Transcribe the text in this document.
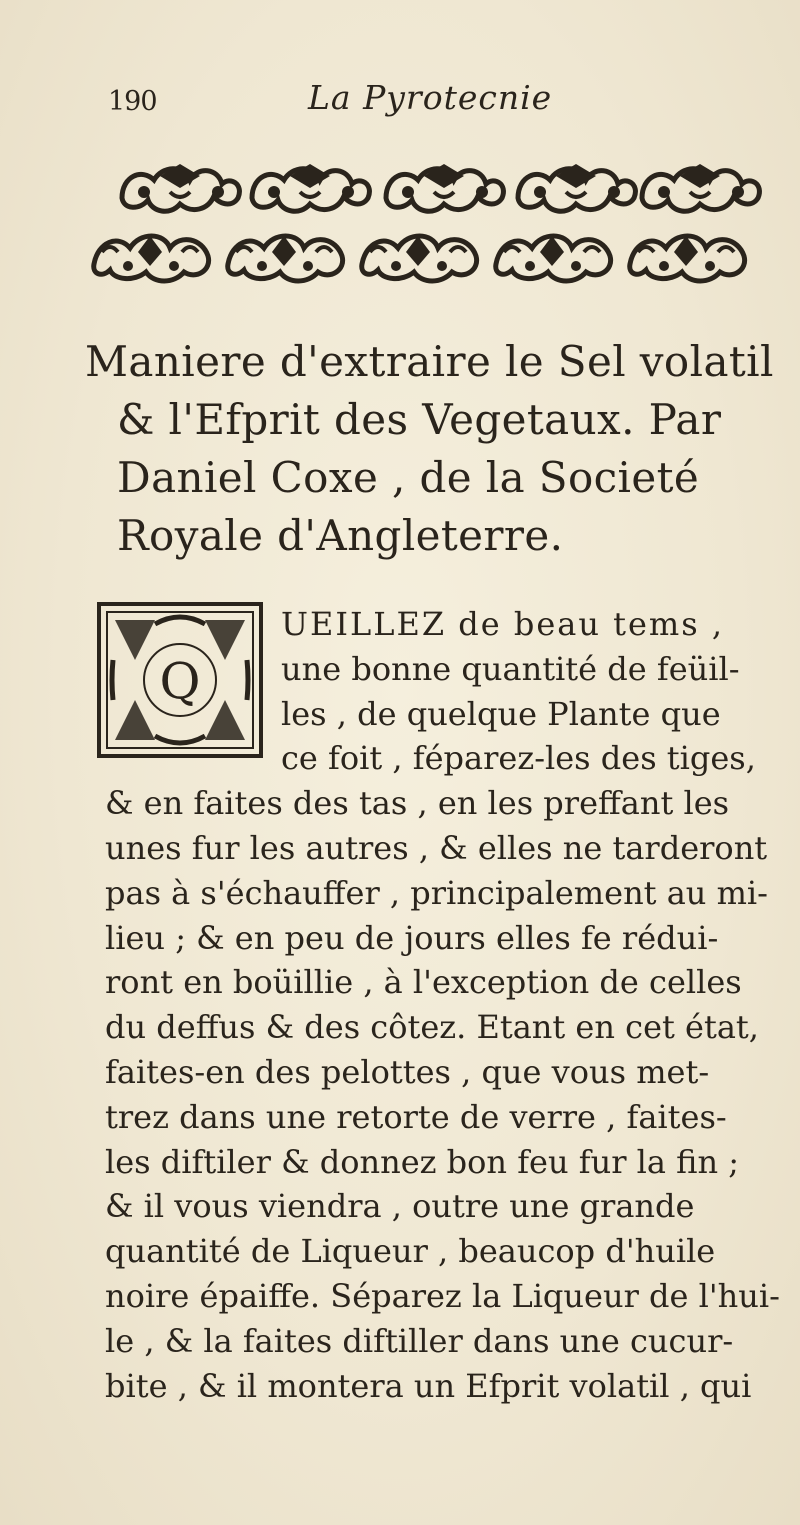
190	La Pyrotecnie
Maniere d'extraire le Sel volatil
& l'Efprit des Vegetaux. Par
Daniel Coxe , de la Societé
Royale d'Angleterre.
Q
UEILLEZ de beau tems ,
une bonne quantité de feüil-
les , de quelque Plante que
ce foit , féparez-les des tiges,
& en faites des tas , en les preffant les
unes fur les autres , & elles ne tarderont
pas à s'échauffer , principalement au mi-
lieu ; & en peu de jours elles fe rédui-
ront en boüillie , à l'exception de celles
du deffus & des côtez. Etant en cet état,
faites-en des pelottes , que vous met-
trez dans une retorte de verre , faites-
les diftiler & donnez bon feu fur la fin ;
& il vous viendra , outre une grande
quantité de Liqueur , beaucop d'huile
noire épaiffe. Séparez la Liqueur de l'hui-
le , & la faites diftiller dans une cucur-
bite , & il montera un Efprit volatil , qui
